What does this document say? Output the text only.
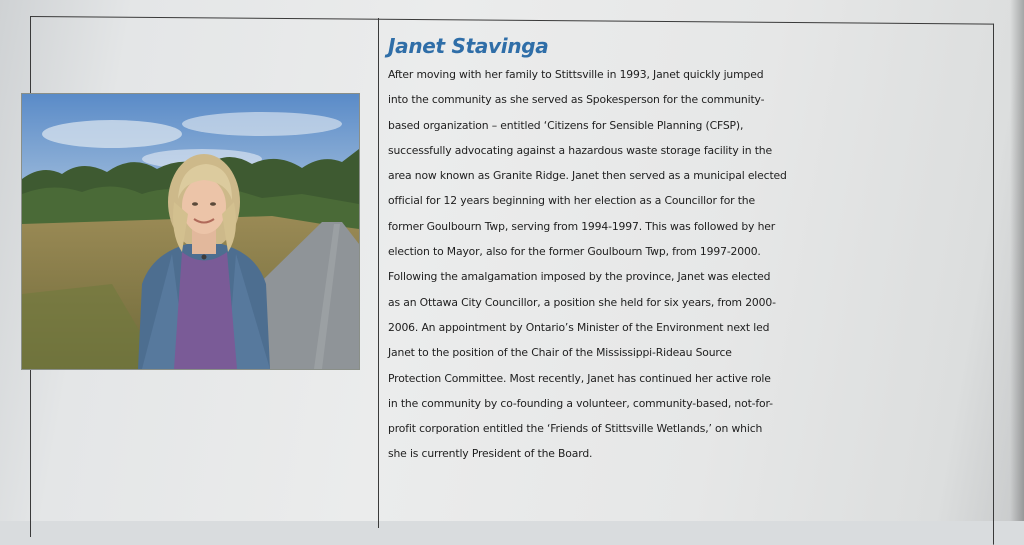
Janet Stavinga
After moving with her family to Stittsville in 1993, Janet quickly jumped
into the community as she served as Spokesperson for the community-
based organization – entitled ‘Citizens for Sensible Planning (CFSP),
successfully advocating against a hazardous waste storage facility in the
area now known as Granite Ridge. Janet then served as a municipal elected
official for 12 years beginning with her election as a Councillor for the
former Goulbourn Twp, serving from 1994-1997. This was followed by her
election to Mayor, also for the former Goulbourn Twp, from 1997-2000.
Following the amalgamation imposed by the province, Janet was elected
as an Ottawa City Councillor, a position she held for six years, from 2000-
2006. An appointment by Ontario’s Minister of the Environment next led
Janet to the position of the Chair of the Mississippi-Rideau Source
Protection Committee. Most recently, Janet has continued her active role
in the community by co-founding a volunteer, community-based, not-for-
profit corporation entitled the ‘Friends of Stittsville Wetlands,’ on which
she is currently President of the Board.
